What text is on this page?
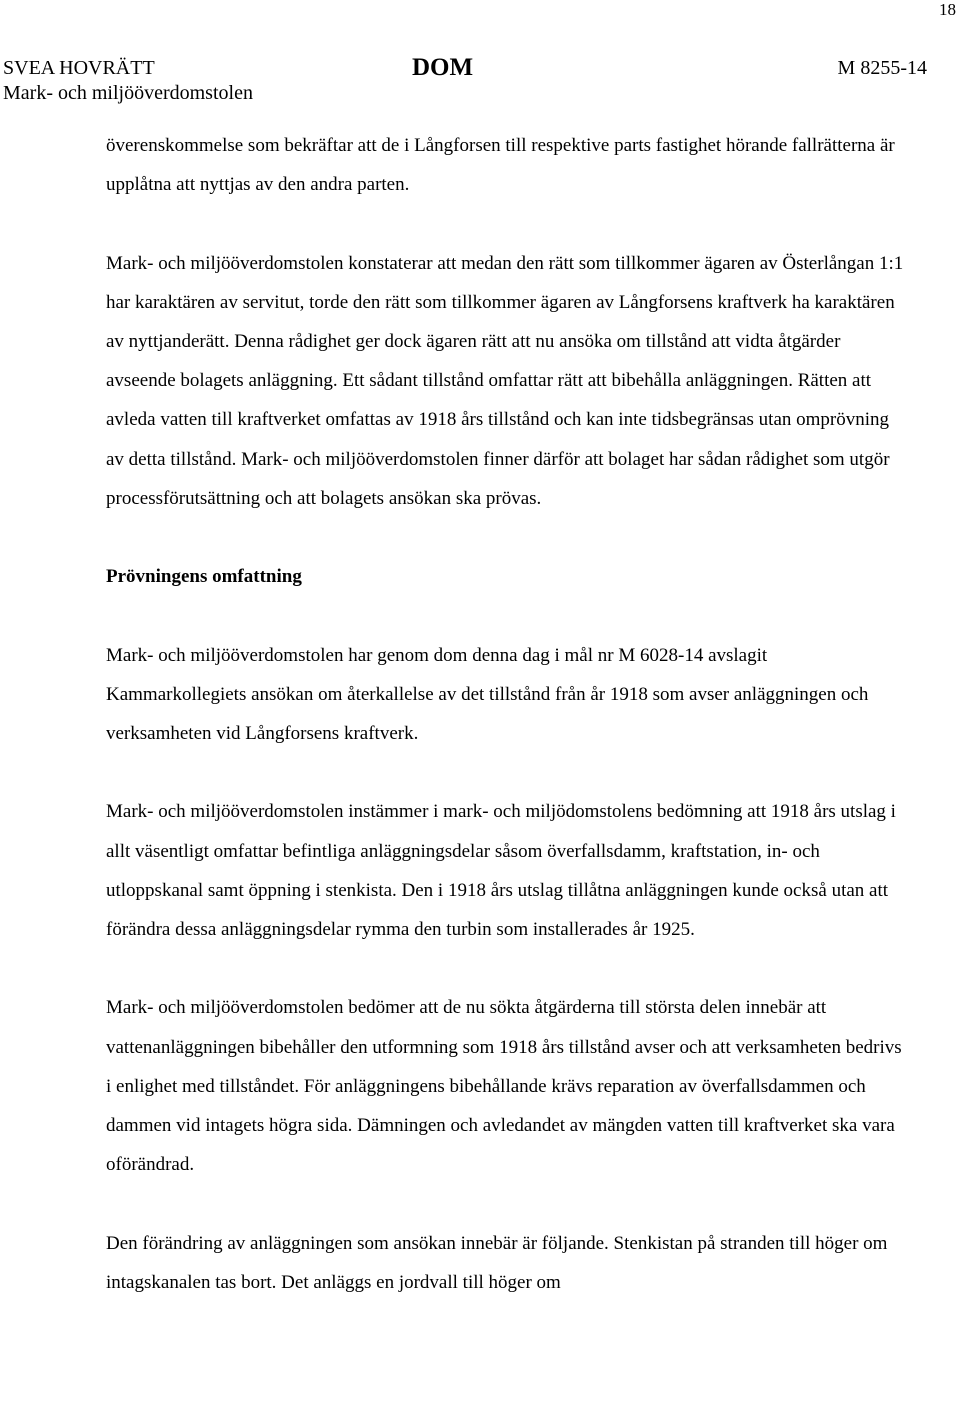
18
SVEA HOVRÄTT
Mark- och miljööverdomstolen
DOM	M 8255-14

överenskommelse som bekräftar att de i Långforsen till respektive parts fastighet hörande fallrätterna är upplåtna att nyttjas av den andra parten.

Mark- och miljööverdomstolen konstaterar att medan den rätt som tillkommer ägaren av Österlångan 1:1 har karaktären av servitut, torde den rätt som tillkommer ägaren av Långforsens kraftverk ha karaktären av nyttjanderätt. Denna rådighet ger dock ägaren rätt att nu ansöka om tillstånd att vidta åtgärder avseende bolagets anläggning. Ett sådant tillstånd omfattar rätt att bibehålla anläggningen. Rätten att avleda vatten till kraftverket omfattas av 1918 års tillstånd och kan inte tidsbegränsas utan omprövning av detta tillstånd. Mark- och miljööverdomstolen finner därför att bolaget har sådan rådighet som utgör processförutsättning och att bolagets ansökan ska prövas.

Prövningens omfattning

Mark- och miljööverdomstolen har genom dom denna dag i mål nr M 6028-14 avslagit Kammarkollegiets ansökan om återkallelse av det tillstånd från år 1918 som avser anläggningen och verksamheten vid Långforsens kraftverk.

Mark- och miljööverdomstolen instämmer i mark- och miljödomstolens bedömning att 1918 års utslag i allt väsentligt omfattar befintliga anläggningsdelar såsom överfallsdamm, kraftstation, in- och utloppskanal samt öppning i stenkista. Den i 1918 års utslag tillåtna anläggningen kunde också utan att förändra dessa anläggningsdelar rymma den turbin som installerades år 1925.

Mark- och miljööverdomstolen bedömer att de nu sökta åtgärderna till största delen innebär att vattenanläggningen bibehåller den utformning som 1918 års tillstånd avser och att verksamheten bedrivs i enlighet med tillståndet. För anläggningens bibehållande krävs reparation av överfallsdammen och dammen vid intagets högra sida. Dämningen och avledandet av mängden vatten till kraftverket ska vara oförändrad.

Den förändring av anläggningen som ansökan innebär är följande. Stenkistan på stranden till höger om intagskanalen tas bort. Det anläggs en jordvall till höger om
